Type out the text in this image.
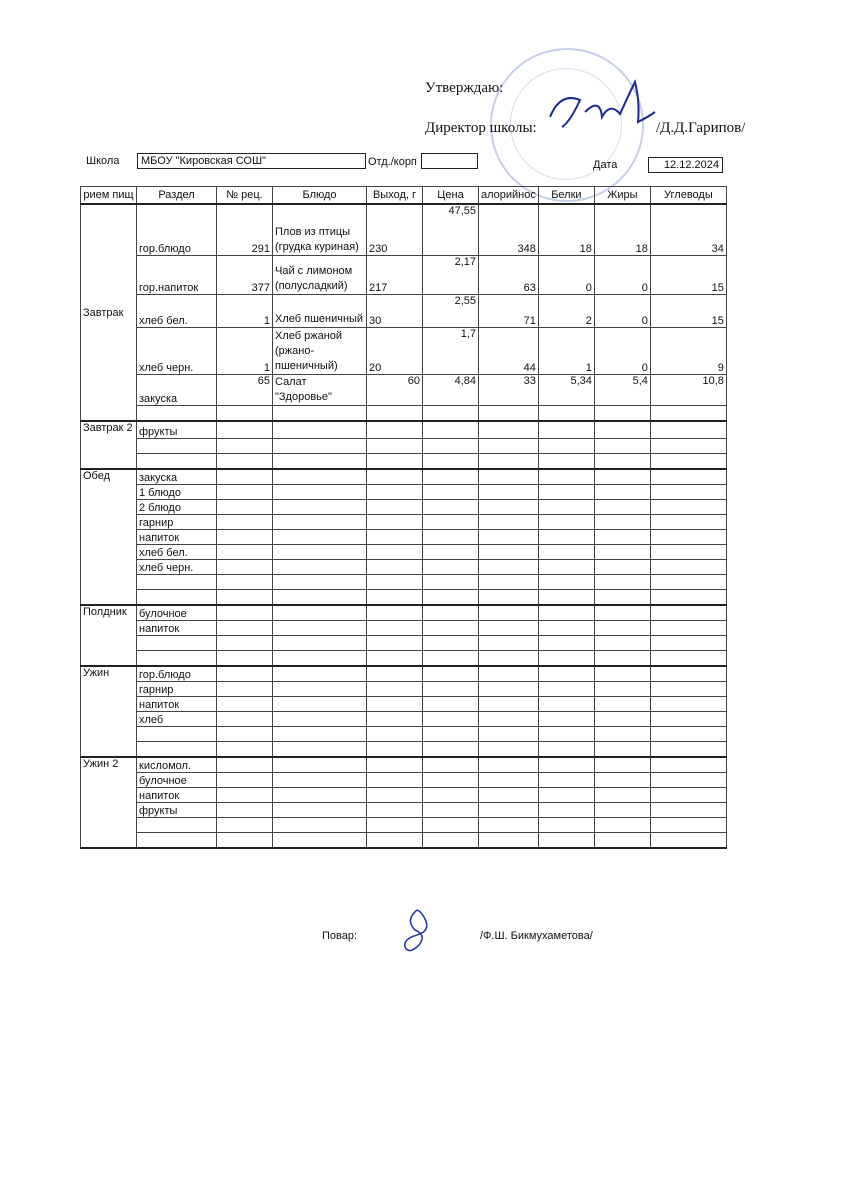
Утверждаю:
Директор школы:	/Д.Д.Гарипов/
Школа	МБОУ "Кировская СОШ"	Отд./корп	Дата	12.12.2024
рием пищ	Раздел	№ рец.	Блюдо	Выход, г	Цена	алорийнос	Белки	Жиры	Углеводы
Завтрак	гор.блюдо	291	Плов из птицы (грудка куриная)	230	47,55	348	18	18	34
	гор.напиток	377	Чай с лимоном (полусладкий)	217	2,17	63	0	0	15
	хлеб бел.	1	Хлеб пшеничный	30	2,55	71	2	0	15
	хлеб черн.	1	Хлеб ржаной (ржано-пшеничный)	20	1,7	44	1	0	9
	закуска	65	Салат "Здоровье"	60	4,84	33	5,34	5,4	10,8

Завтрак 2	фрукты								

Обед	закуска								
	1 блюдо								
	2 блюдо								
	гарнир								
	напиток								
	хлеб бел.								
	хлеб черн.								

Полдник	булочное								
	напиток								

Ужин	гор.блюдо								
	гарнир								
	напиток								
	хлеб								

Ужин 2	кисломол.								
	булочное								
	напиток								
	фрукты								

Повар:	/Ф.Ш. Бикмухаметова/
